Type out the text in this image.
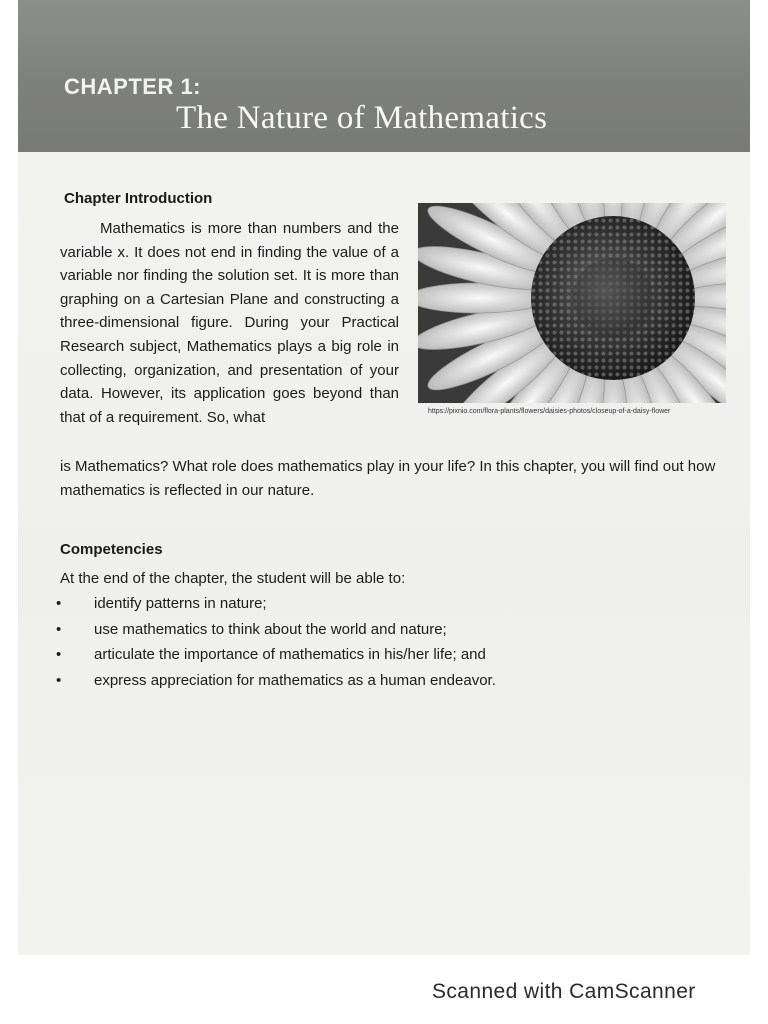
CHAPTER 1:
The Nature of Mathematics
Chapter Introduction
Mathematics is more than numbers and the variable x. It does not end in finding the value of a variable nor finding the solution set. It is more than graphing on a Cartesian Plane and constructing a three-dimensional figure. During your Practical Research subject, Mathematics plays a big role in collecting, organization, and presentation of your data. However, its application goes beyond than that of a requirement. So, what	https://pixnio.com/flora-plants/flowers/daisies-photos/closeup-of-a-daisy-flower
is Mathematics? What role does mathematics play in your life? In this chapter, you will find out how mathematics is reflected in our nature.
Competencies
At the end of the chapter, the student will be able to:
• identify patterns in nature;
• use mathematics to think about the world and nature;
• articulate the importance of mathematics in his/her life; and
• express appreciation for mathematics as a human endeavor.
Scanned with CamScanner
